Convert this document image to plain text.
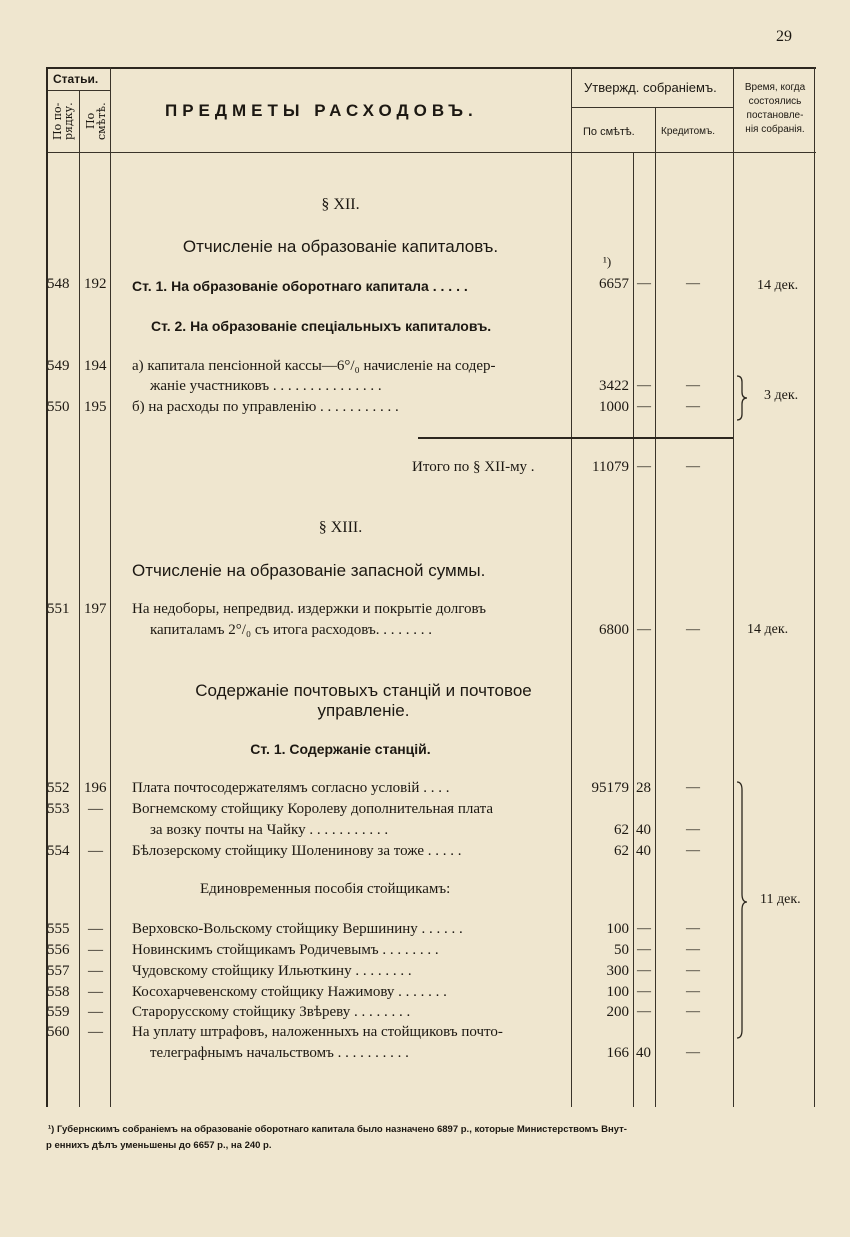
29
Статьи.
По по-рядку. По смѣтѣ.	ПРЕДМЕТЫ РАСХОДОВЪ.
Утвержд. собраніемъ.
По смѣтѣ.	Кредитомъ.
Время, когда
состоялись
постановле-
нія собранія.
§ XII.
Отчисленіе на образованіе капиталовъ.
¹)
548 192 Ст. 1. На образованіе оборотнаго капитала . . . . .	6657 —	—	14 дек.
Ст. 2. На образованіе спеціальныхъ капиталовъ.
549 194 а) капитала пенсіонной кассы—6°/₀ начисленіе на содер-
жаніе участниковъ . . . . . . . . . . . . . . .	3422 —	—
550 195 б) на расходы по управленію . . . . . . . . . . .	1000 —	—
3 дек.
Итого по § XII-му .	11079 —	—
§ XIII.
Отчисленіе на образованіе запасной суммы.
551 197 На недоборы, непредвид. издержки и покрытіе долговъ
капиталамъ 2°/₀ съ итога расходовъ. . . . . . . .	6800 —	—	14 дек.
Содержаніе почтовыхъ станцій и почтовое
управленіе.
Ст. 1. Содержаніе станцій.
552 196 Плата почтосодержателямъ согласно условій . . . .	95179 28	—
553 — Вогнемскому стойщику Королеву дополнительная плата
за возку почты на Чайку . . . . . . . . . . .	62 40	—
554 — Бѣлозерскому стойщику Шоленинову за тоже . . . . .	62 40	—
Единовременныя пособія стойщикамъ:
555 — Верховско-Вольскому стойщику Вершинину . . . . . .	100 —	—
556 — Новинскимъ стойщикамъ Родичевымъ . . . . . . . .	50 —	—
557 — Чудовскому стойщику Ильюткину . . . . . . . .	300 —	—
558 — Косохарчевенскому стойщику Нажимову . . . . . . .	100 —	—
559 — Старорусскому стойщику Звѣреву . . . . . . . .	200 —	—
560 — На уплату штрафовъ, наложенныхъ на стойщиковъ почто-
телеграфнымъ начальствомъ . . . . . . . . . .	166 40	—
11 дек.
¹) Губернскимъ собраніемъ на образованіе оборотнаго капитала было назначено 6897 р., которые Министерствомъ Внут-
р еннихъ дѣлъ уменьшены до 6657 р., на 240 р.
